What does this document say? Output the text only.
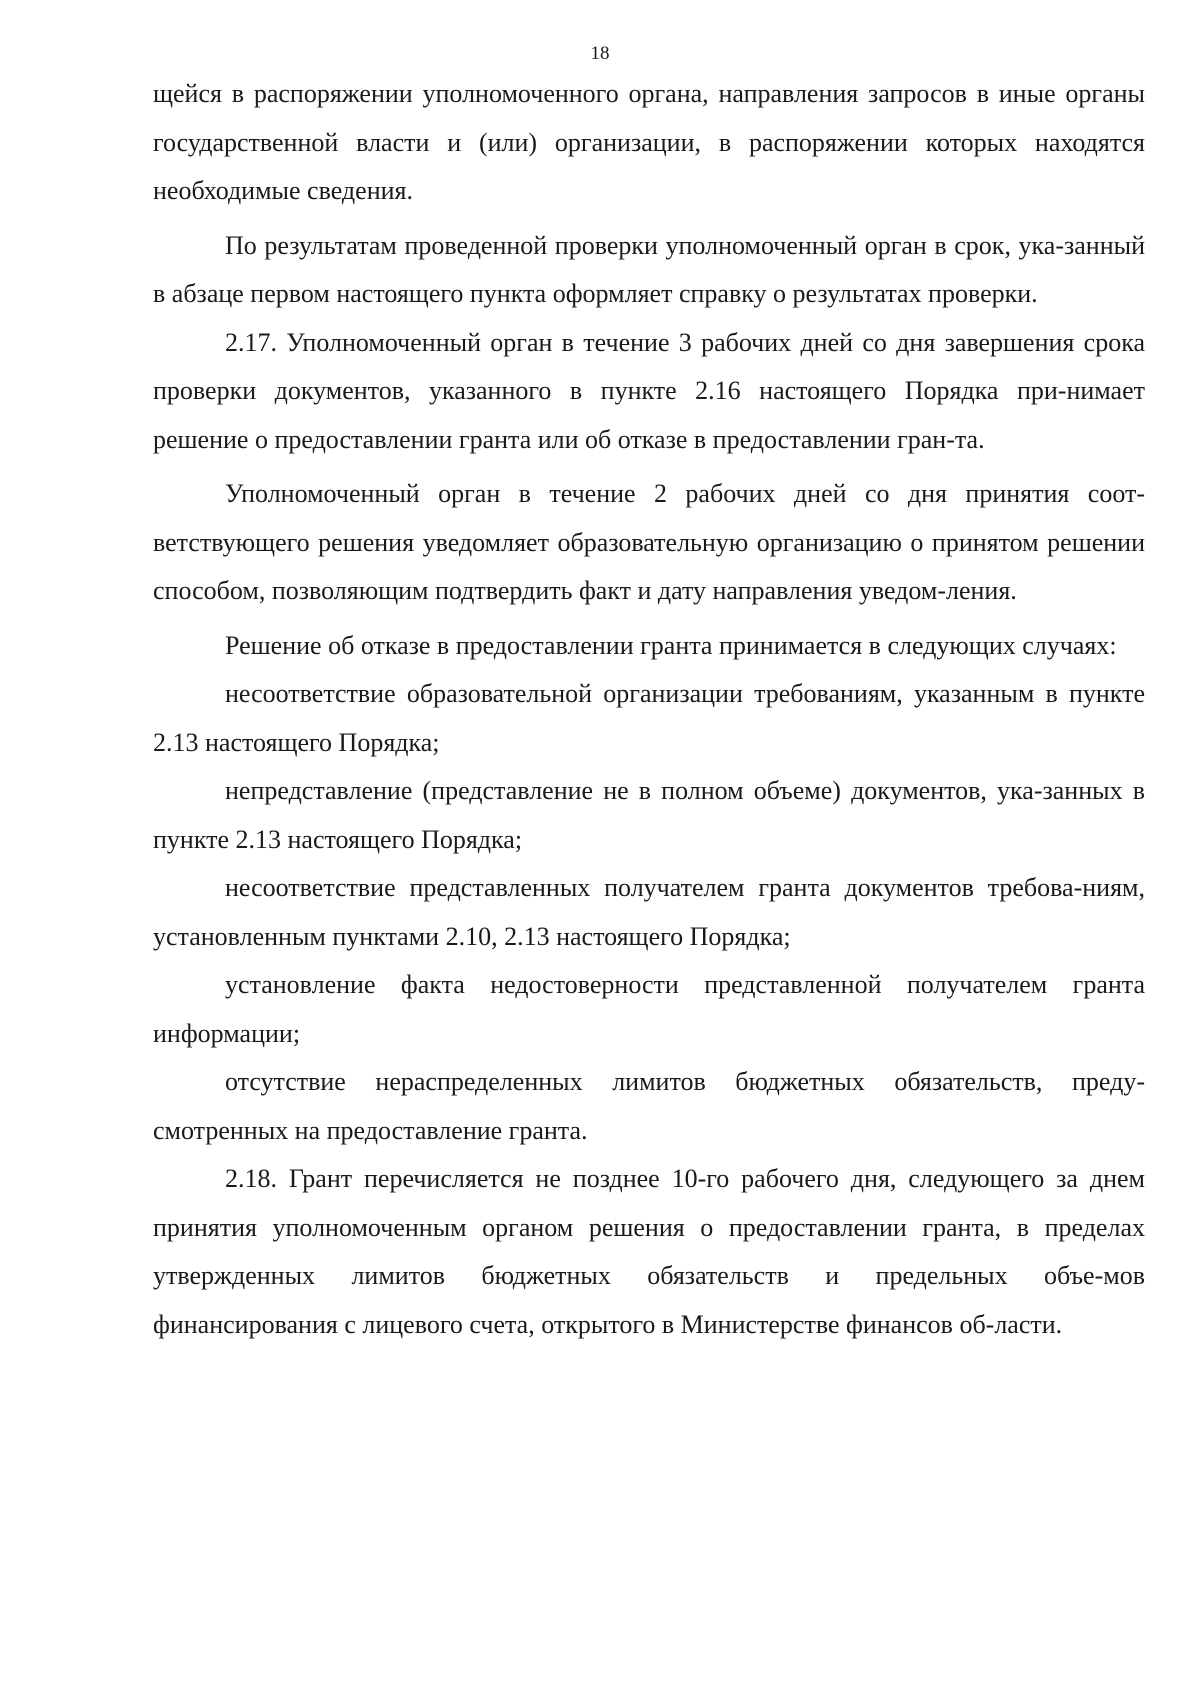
18

щейся в распоряжении уполномоченного органа, направления запросов в иные органы государственной власти и (или) организации, в распоряжении которых находятся необходимые сведения.

По результатам проведенной проверки уполномоченный орган в срок, ука-​занный в абзаце первом настоящего пункта оформляет справку о результатах проверки.

2.17. Уполномоченный орган в течение 3 рабочих дней со дня завершения срока проверки документов, указанного в пункте 2.16 настоящего Порядка при-​нимает решение о предоставлении гранта или об отказе в предоставлении гран-​та.

Уполномоченный орган в течение 2 рабочих дней со дня принятия соот-​ветствующего решения уведомляет образовательную организацию о принятом решении способом, позволяющим подтвердить факт и дату направления уведом-​ления.

Решение об отказе в предоставлении гранта принимается в следующих случаях:

несоответствие образовательной организации требованиям, указанным в пункте 2.13 настоящего Порядка;

непредставление (представление не в полном объеме) документов, ука-​занных в пункте 2.13 настоящего Порядка;

несоответствие представленных получателем гранта документов требова-​ниям, установленным пунктами 2.10, 2.13 настоящего Порядка;

установление факта недостоверности представленной получателем гранта информации;

отсутствие нераспределенных лимитов бюджетных обязательств, преду-​смотренных на предоставление гранта.

2.18. Грант перечисляется не позднее 10-го рабочего дня, следующего за днем принятия уполномоченным органом решения о предоставлении гранта, в пределах утвержденных лимитов бюджетных обязательств и предельных объе-​мов финансирования с лицевого счета, открытого в Министерстве финансов об-​ласти.
